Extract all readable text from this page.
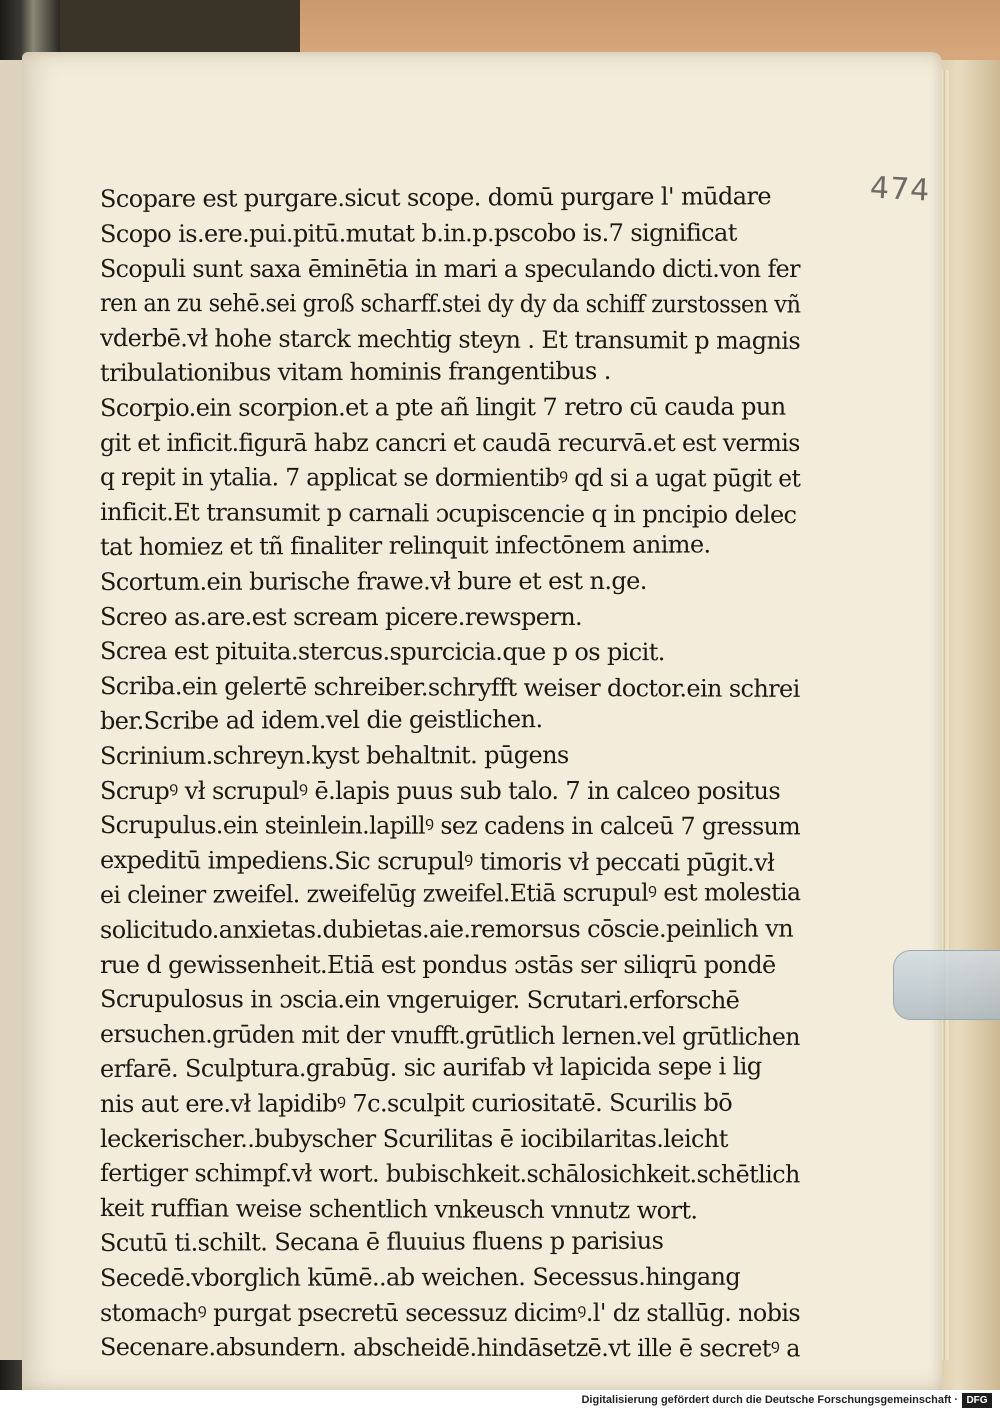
474
Scopare est purgare.sicut scope. domū purgare l' mūdare
Scopo is.ere.pui.pitū.mutat b.in.p.pscobo is.7 significat
Scopuli sunt saxa ēminētia in mari a speculando dicti.von fer
ren an zu sehē.sei groß scharff.stei dy dy da schiff zurstossen vñ
vderbē.vł hohe starck mechtig steyn . Et transumit p magnis
tribulationibus vitam hominis frangentibus .
Scorpio.ein scorpion.et a pte añ lingit 7 retro cū cauda pun
git et inficit.figurā habz cancri et caudā recurvā.et est vermis
q repit in ytalia. 7 applicat se dormientibꝰ qd si a ugat pūgit et
inficit.Et transumit p carnali ɔcupiscencie q in pncipio delec
tat homiez et tñ finaliter relinquit infectōnem anime.
Scortum.ein burische frawe.vł bure et est n.ge.
Screo as.are.est scream picere.rewspern.
Screa est pituita.stercus.spurcicia.que p os picit.
Scriba.ein gelertē schreiber.schryfft weiser doctor.ein schrei
ber.Scribe ad idem.vel die geistlichen.
Scrinium.schreyn.kyst behaltnit. pūgens
Scrupꝰ vł scrupulꝰ ē.lapis puus sub talo. 7 in calceo positus
Scrupulus.ein steinlein.lapillꝰ sez cadens in calceū 7 gressum
expeditū impediens.Sic scrupulꝰ timoris vł peccati pūgit.vł
ei cleiner zweifel. zweifelūg zweifel.Etiā scrupulꝰ est molestia
solicitudo.anxietas.dubietas.aie.remorsus cōscie.peinlich vn
rue d gewissenheit.Etiā est pondus ɔstās ser siliqrū pondē
Scrupulosus in ɔscia.ein vngeruiger. Scrutari.erforschē
ersuchen.grūden mit der vnufft.grūtlich lernen.vel grūtlichen
erfarē. Sculptura.grabūg. sic aurifab vł lapicida sepe i lig
nis aut ere.vł lapidibꝰ 7c.sculpit curiositatē. Scurilis bō
leckerischer..bubyscher Scurilitas ē iocibilaritas.leicht
fertiger schimpf.vł wort. bubischkeit.schālosichkeit.schētlich
keit ruffian weise schentlich vnkeusch vnnutz wort.
Scutū ti.schilt. Secana ē fluuius fluens p parisius
Secedē.vborglich kūmē..ab weichen. Secessus.hingang
stomachꝰ purgat psecretū secessuz dicimꝰ.l' dz stallūg. nobis
Secenare.absundern. abscheidē.hindāsetzē.vt ille ē secretꝰ a
Digitalisierung gefördert durch die Deutsche Forschungsgemeinschaft · DFG
